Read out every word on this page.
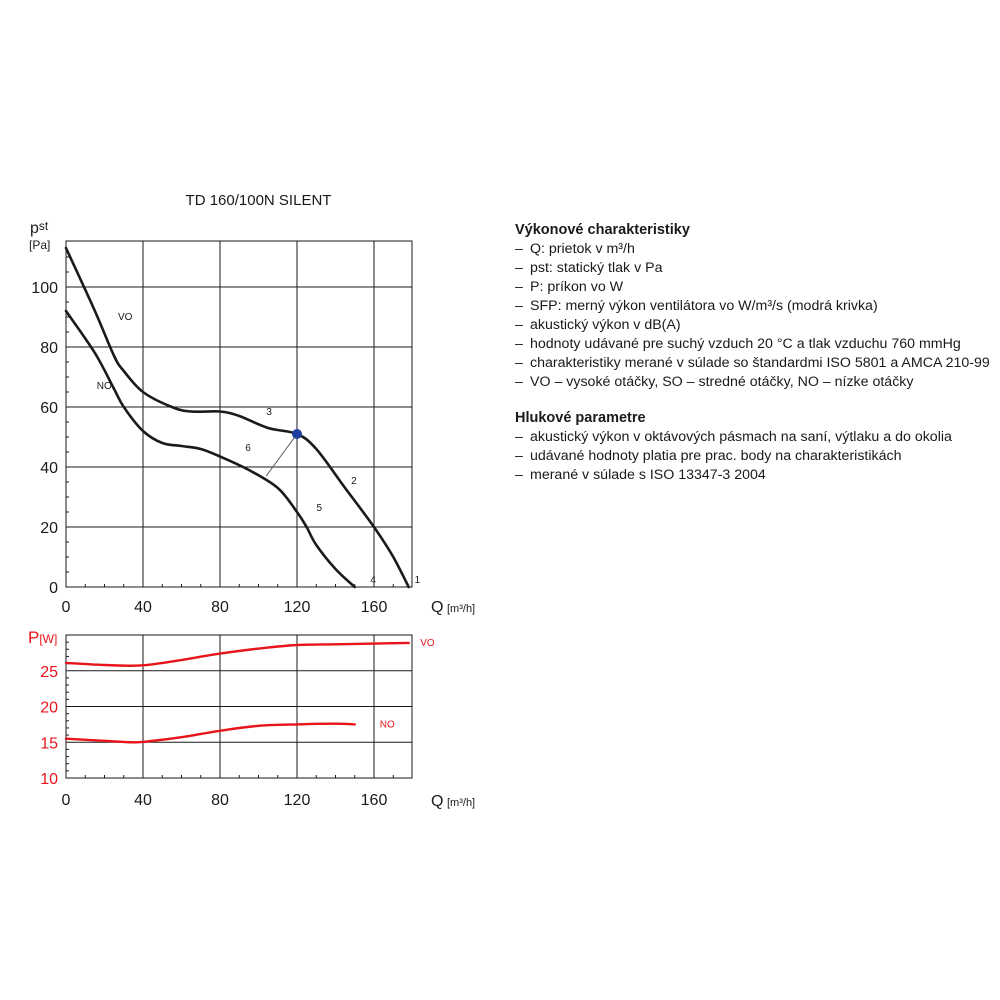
TD 160/100N SILENT
0
20
40
60
80
100
0	40	80	120	160
pst
[Pa]
Q [m³/h]
1
2
3
4
5
6
VO
NO
10
15
20
25
0	40	80	120	160
P[W]
Q [m³/h]
VO
NO
Výkonové charakteristiky
– Q: prietok v m³/h
– pst: statický tlak v Pa
– P: príkon vo W
– SFP: merný výkon ventilátora vo W/m³/s (modrá krivka)
– akustický výkon v dB(A)
– hodnoty udávané pre suchý vzduch 20 °C a tlak vzduchu 760 mmHg
– charakteristiky merané v súlade so štandardmi ISO 5801 a AMCA 210-99
– VO – vysoké otáčky, SO – stredné otáčky, NO – nízke otáčky
Hlukové parametre
– akustický výkon v oktávových pásmach na saní, výtlaku a do okolia
– udávané hodnoty platia pre prac. body na charakteristikách
– merané v súlade s ISO 13347-3 2004
